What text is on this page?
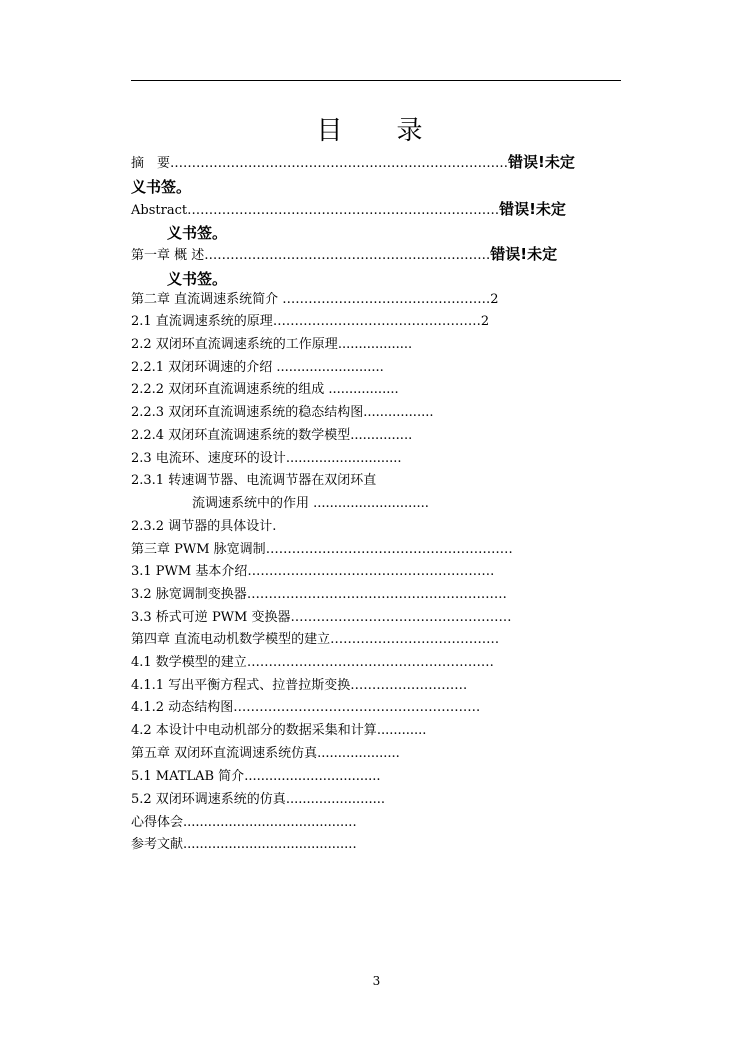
目　录
摘　要……………………………………………………………………错误!未定
义书签。
Abstract………………………………………………………………错误!未定
义书签。
第一章 概 述…………………………………………………………错误!未定
义书签。
第二章 直流调速系统简介 …………………………………………2
2.1 直流调速系统的原理…………………………………………2
2.2 双闭环直流调速系统的工作原理..................
2.2.1 双闭环调速的介绍 ..........................
2.2.2 双闭环直流调速系统的组成 .................
2.2.3 双闭环直流调速系统的稳态结构图.................
2.2.4 双闭环直流调速系统的数学模型...............
2.3 电流环、速度环的设计............................
2.3.1 转速调节器、电流调节器在双闭环直
流调速系统中的作用 ............................
2.3.2 调节器的具体设计.
第三章 PWM 脉宽调制…………………………………………………
3.1 PWM 基本介绍…………………………………………………
3.2 脉宽调制变换器……………………………………………………
3.3 桥式可逆 PWM 变换器……………………………………………
第四章 直流电动机数学模型的建立…………………………………
4.1 数学模型的建立…………………………………………………
4.1.1 写出平衡方程式、拉普拉斯变换………………………
4.1.2 动态结构图…………………………………………………
4.2 本设计中电动机部分的数据采集和计算............
第五章 双闭环直流调速系统仿真....................
5.1 MATLAB 简介.................................
5.2 双闭环调速系统的仿真........................
心得体会..........................................
参考文献..........................................
3
